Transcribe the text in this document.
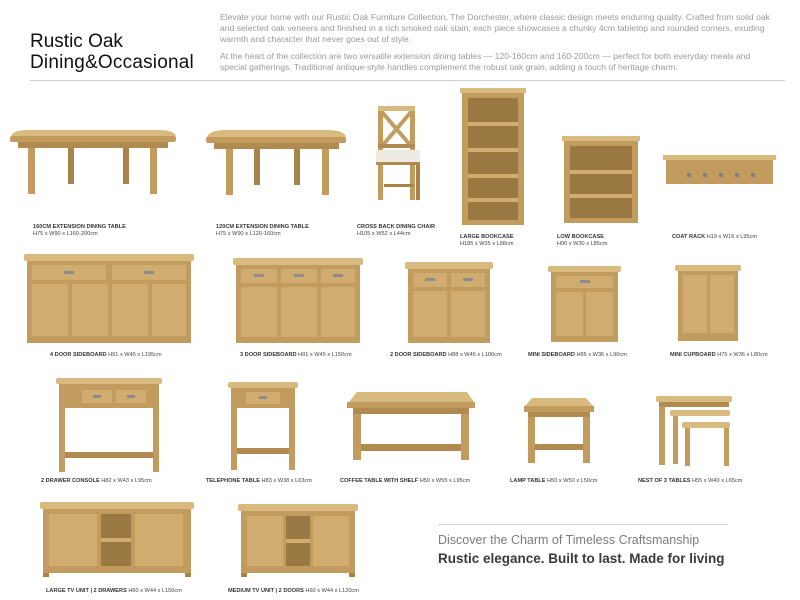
Rustic Oak
Dining&Occasional

Elevate your home with our Rustic Oak Furniture Collection, The Dorchester, where classic design meets enduring quality. Crafted from solid oak and selected oak veneers and finished in a rich smoked oak stain, each piece showcases a chunky 4cm tabletop and rounded corners, exuding warmth and character that never goes out of style.

At the heart of the collection are two versatile extension dining tables — 120-160cm and 160-200cm — perfect for both everyday meals and special gatherings. Traditional antique-style handles complement the robust oak grain, adding a touch of heritage charm.

160CM EXTENSION DINING TABLE
H75 x W90 x L160-200cm
120CM EXTENSION DINING TABLE
H75 x W90 x L120-160cm
CROSS BACK DINING CHAIR
H105 x W52 x L44cm	LARGE BOOKCASE
H185 x W35 x L88cm
LOW BOOKCASE
H90 x W30 x L85cm
COAT RACK H19 x W16 x L95cm
4 DOOR SIDEBOARD H91 x W45 x L195cm	3 DOOR SIDEBOARD H91 x W45 x L150cm	2 DOOR SIDEBOARD H88 x W45 x L100cm	MINI SIDEBOARD H85 x W36 x L90cm	MINI CUPBOARD H75 x W36 x L80cm
2 DRAWER CONSOLE H82 x W43 x L95cm	TELEPHONE TABLE H83 x W38 x L63cm	COFFEE TABLE WITH SHELF H50 x W55 x L95cm	LAMP TABLE H50 x W50 x L50cm	NEST OF 3 TABLES H55 x W40 x L65cm
LARGE TV UNIT | 2 DRAWERS H60 x W44 x L150cm	MEDIUM TV UNIT | 2 DOORS H60 x W44 x L120cm
Discover the Charm of Timeless Craftsmanship
Rustic elegance. Built to last. Made for living
